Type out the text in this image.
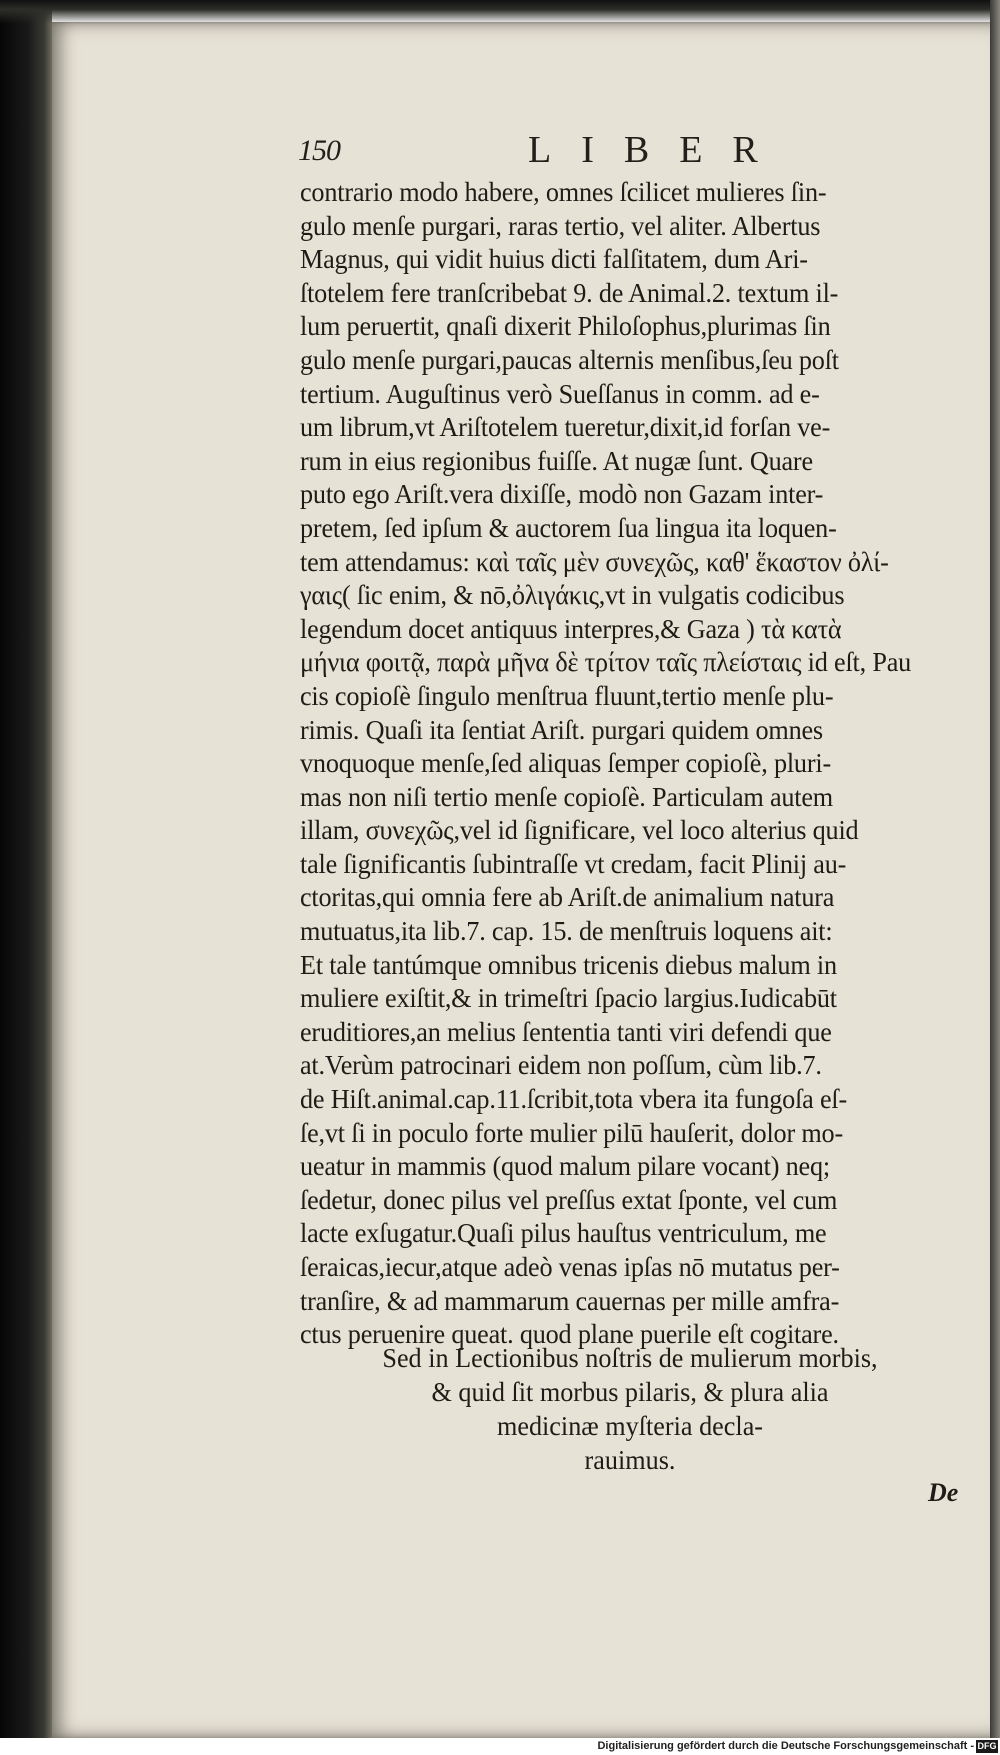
150	LIBER
contrario modo habere, omnes ſcilicet mulieres ſin-
gulo menſe purgari, raras tertio, vel aliter. Albertus
Magnus, qui vidit huius dicti falſitatem, dum Ari-
ſtotelem fere tranſcribebat 9. de Animal.2. textum il-
lum peruertit, qnaſi dixerit Philoſophus,plurimas ſin
gulo menſe purgari,paucas alternis menſibus,ſeu poſt
tertium. Auguſtinus verò Sueſſanus in comm. ad e-
um librum,vt Ariſtotelem tueretur,dixit,id forſan ve-
rum in eius regionibus fuiſſe. At nugæ ſunt. Quare
puto ego Ariſt.vera dixiſſe, modò non Gazam inter-
pretem, ſed ipſum & auctorem ſua lingua ita loquen-
tem attendamus: καὶ ταῖς μὲν συνεχῶς, καθ' ἕκαστον ὀλί-
γαις( ſic enim, & nō,ὀλιγάκις,vt in vulgatis codicibus
legendum docet antiquus interpres,& Gaza ) τὰ κατὰ
μήνια φοιτᾷ, παρὰ μῆνα δὲ τρίτον ταῖς πλείσταις id eſt, Pau
cis copioſè ſingulo menſtrua fluunt,tertio menſe plu-
rimis. Quaſi ita ſentiat Ariſt. purgari quidem omnes
vnoquoque menſe,ſed aliquas ſemper copioſè, pluri-
mas non niſi tertio menſe copioſè. Particulam autem
illam, συνεχῶς,vel id ſignificare, vel loco alterius quid
tale ſignificantis ſubintraſſe vt credam, facit Plinij au-
ctoritas,qui omnia fere ab Ariſt.de animalium natura
mutuatus,ita lib.7. cap. 15. de menſtruis loquens ait:
Et tale tantúmque omnibus tricenis diebus malum in
muliere exiſtit,& in trimeſtri ſpacio largius.Iudicabūt
eruditiores,an melius ſententia tanti viri defendi que
at.Verùm patrocinari eidem non poſſum, cùm lib.7.
de Hiſt.animal.cap.11.ſcribit,tota vbera ita fungoſa eſ-
ſe,vt ſi in poculo forte mulier pilū hauſerit, dolor mo-
ueatur in mammis (quod malum pilare vocant) neq;
ſedetur, donec pilus vel preſſus extat ſponte, vel cum
lacte exſugatur.Quaſi pilus hauſtus ventriculum, me
ſeraicas,iecur,atque adeò venas ipſas nō mutatus per-
tranſire, & ad mammarum cauernas per mille amfra-
ctus peruenire queat. quod plane puerile eſt cogitare.
Sed in Lectionibus noſtris de mulierum morbis,
& quid ſit morbus pilaris, & plura alia
medicinæ myſteria decla-
rauimus.
De
Digitalisierung gefördert durch die Deutsche Forschungsgemeinschaft - DFG
